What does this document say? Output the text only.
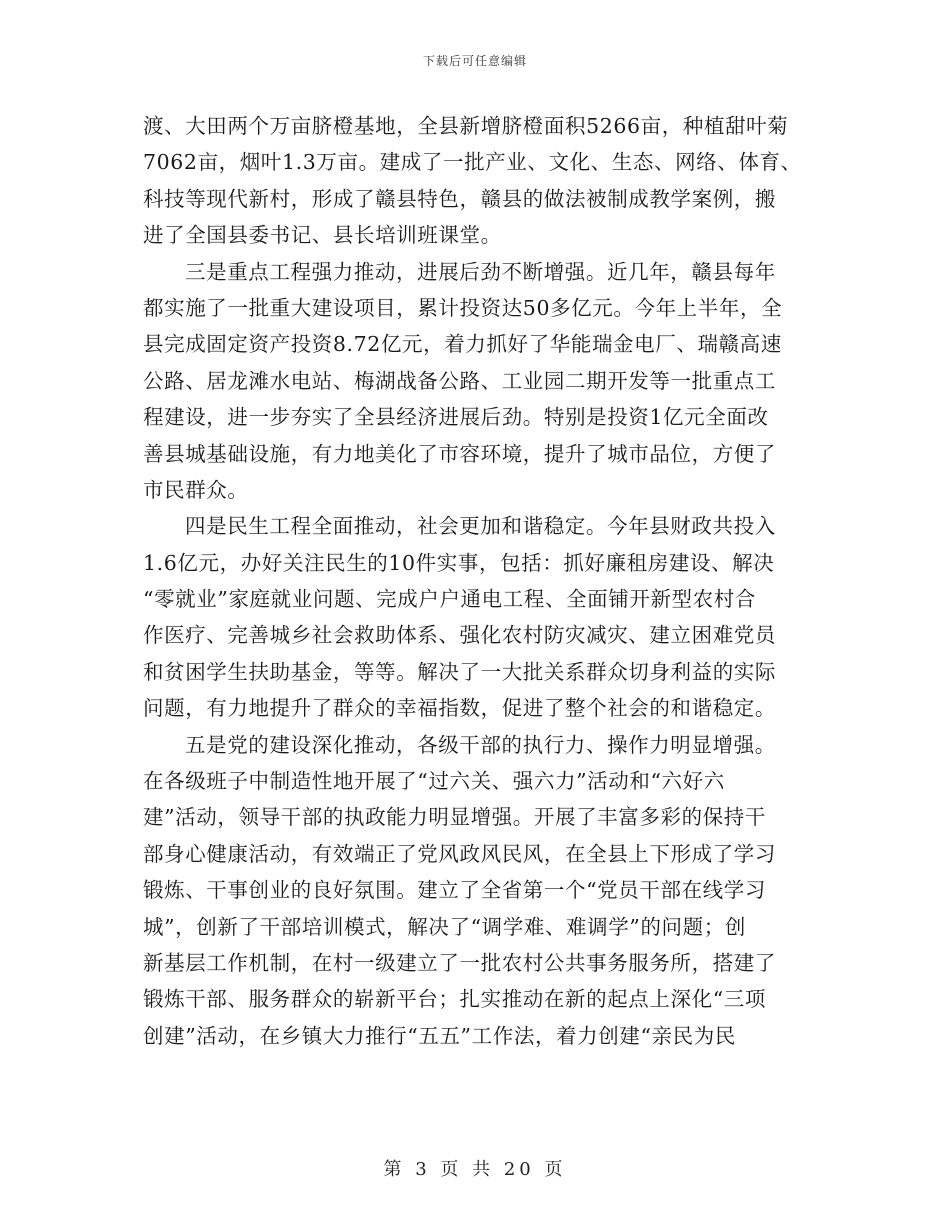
下载后可任意编辑
渡、大田两个万亩脐橙基地，全县新增脐橙面积5266亩，种植甜叶菊
7062亩，烟叶1.3万亩。建成了一批产业、文化、生态、网络、体育、
科技等现代新村，形成了赣县特色，赣县的做法被制成教学案例，搬
进了全国县委书记、县长培训班课堂。
三是重点工程强力推动，进展后劲不断增强。近几年，赣县每年
都实施了一批重大建设项目，累计投资达50多亿元。今年上半年，全
县完成固定资产投资8.72亿元，着力抓好了华能瑞金电厂、瑞赣高速
公路、居龙滩水电站、梅湖战备公路、工业园二期开发等一批重点工
程建设，进一步夯实了全县经济进展后劲。特别是投资1亿元全面改
善县城基础设施，有力地美化了市容环境，提升了城市品位，方便了
市民群众。
四是民生工程全面推动，社会更加和谐稳定。今年县财政共投入
1.6亿元，办好关注民生的10件实事，包括：抓好廉租房建设、解决
“零就业”家庭就业问题、完成户户通电工程、全面铺开新型农村合
作医疗、完善城乡社会救助体系、强化农村防灾减灾、建立困难党员
和贫困学生扶助基金，等等。解决了一大批关系群众切身利益的实际
问题，有力地提升了群众的幸福指数，促进了整个社会的和谐稳定。
五是党的建设深化推动，各级干部的执行力、操作力明显增强。
在各级班子中制造性地开展了“过六关、强六力”活动和“六好六
建”活动，领导干部的执政能力明显增强。开展了丰富多彩的保持干
部身心健康活动，有效端正了党风政风民风，在全县上下形成了学习
锻炼、干事创业的良好氛围。建立了全省第一个“党员干部在线学习
城”，创新了干部培训模式，解决了“调学难、难调学”的问题；创
新基层工作机制，在村一级建立了一批农村公共事务服务所，搭建了
锻炼干部、服务群众的崭新平台；扎实推动在新的起点上深化“三项
创建”活动，在乡镇大力推行“五五”工作法，着力创建“亲民为民
第 3 页 共 20 页
